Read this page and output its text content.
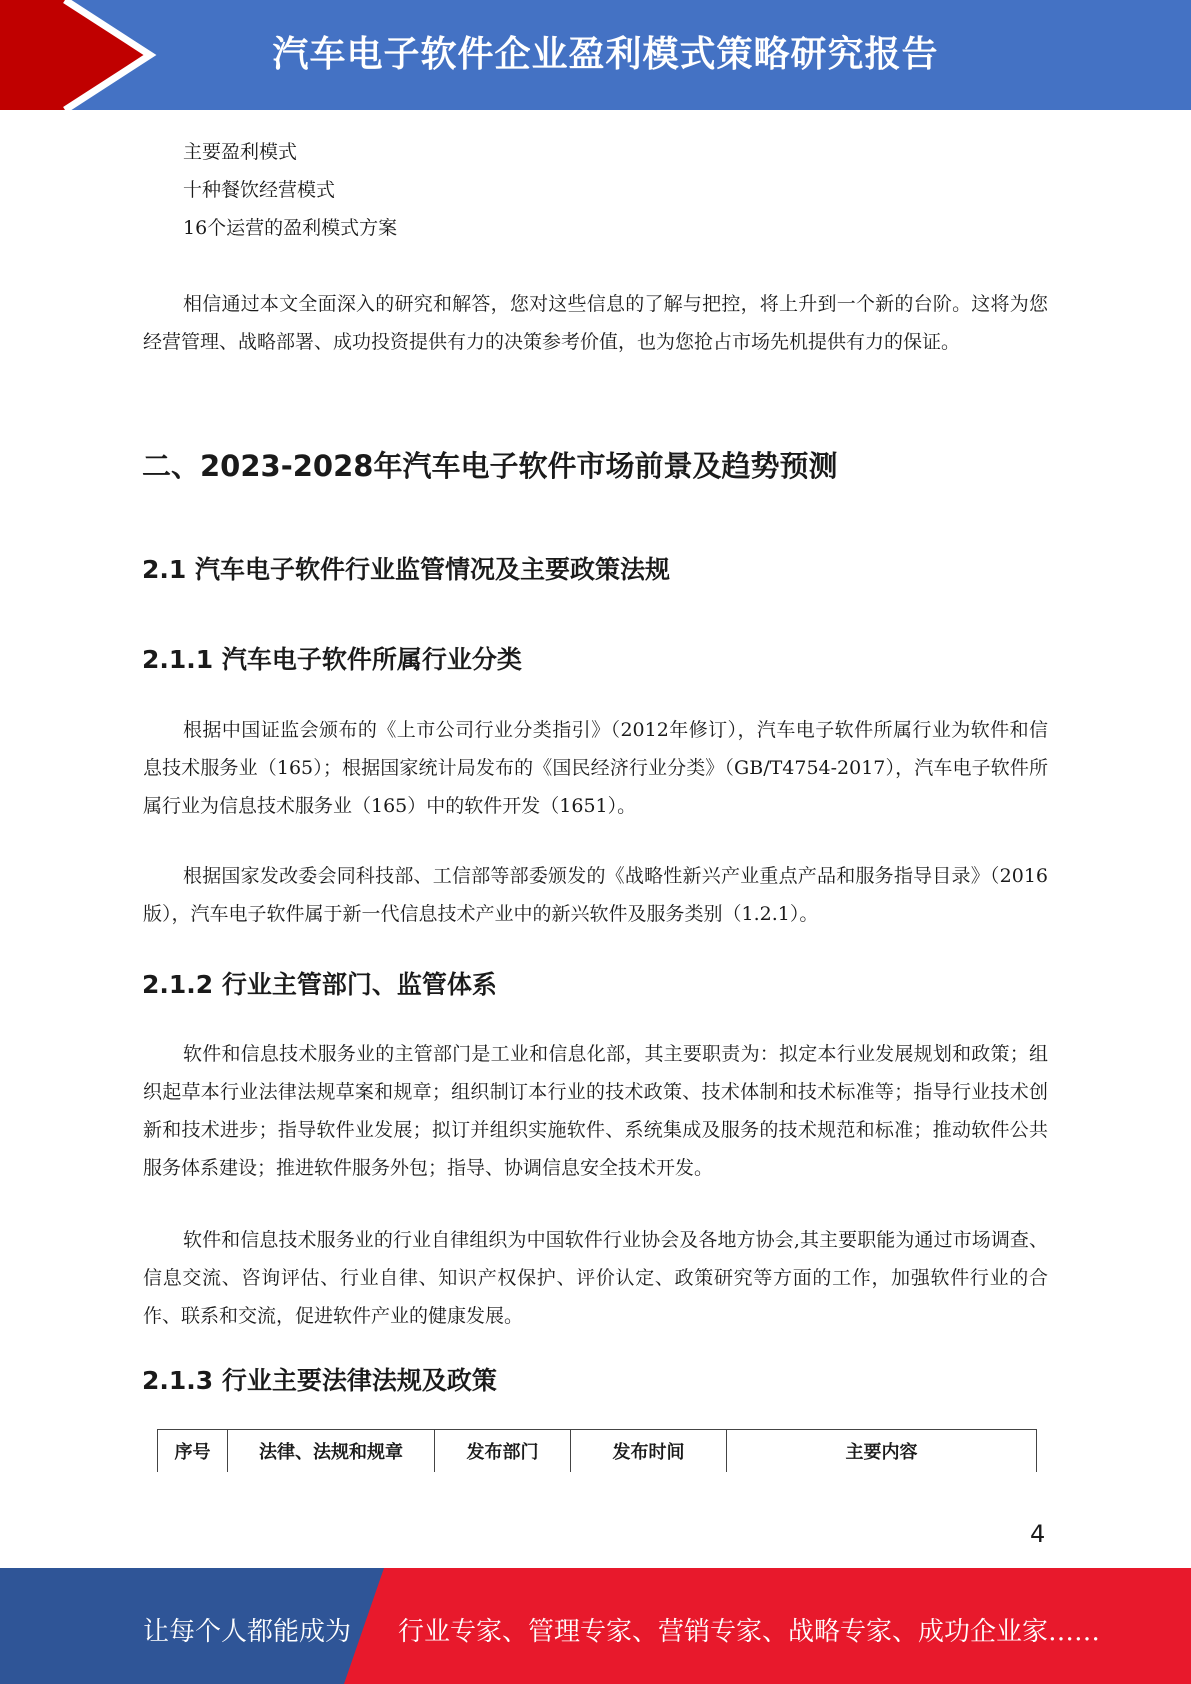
汽车电子软件企业盈利模式策略研究报告
主要盈利模式
十种餐饮经营模式
16个运营的盈利模式方案

相信通过本文全面深入的研究和解答，您对这些信息的了解与把控，将上升到一个新的台阶。这将为您经营管理、战略部署、成功投资提供有力的决策参考价值，也为您抢占市场先机提供有力的保证。

二、2023-2028年汽车电子软件市场前景及趋势预测
2.1 汽车电子软件行业监管情况及主要政策法规
2.1.1 汽车电子软件所属行业分类

根据中国证监会颁布的《上市公司行业分类指引》（2012年修订），汽车电子软件所属行业为软件和信息技术服务业（165）；根据国家统计局发布的《国民经济行业分类》（GB/T4754-2017），汽车电子软件所属行业为信息技术服务业（165）中的软件开发（1651）。

根据国家发改委会同科技部、工信部等部委颁发的《战略性新兴产业重点产品和服务指导目录》（2016版），汽车电子软件属于新一代信息技术产业中的新兴软件及服务类别（1.2.1）。

2.1.2 行业主管部门、监管体系

软件和信息技术服务业的主管部门是工业和信息化部，其主要职责为：拟定本行业发展规划和政策；组织起草本行业法律法规草案和规章；组织制订本行业的技术政策、技术体制和技术标准等；指导行业技术创新和技术进步；指导软件业发展；拟订并组织实施软件、系统集成及服务的技术规范和标准；推动软件公共服务体系建设；推进软件服务外包；指导、协调信息安全技术开发。

软件和信息技术服务业的行业自律组织为中国软件行业协会及各地方协会,其主要职能为通过市场调查、信息交流、咨询评估、行业自律、知识产权保护、评价认定、政策研究等方面的工作，加强软件行业的合作、联系和交流，促进软件产业的健康发展。

2.1.3 行业主要法律法规及政策
序号	法律、法规和规章	发布部门	发布时间	主要内容
4
让每个人都能成为 行业专家、管理专家、营销专家、战略专家、成功企业家……
